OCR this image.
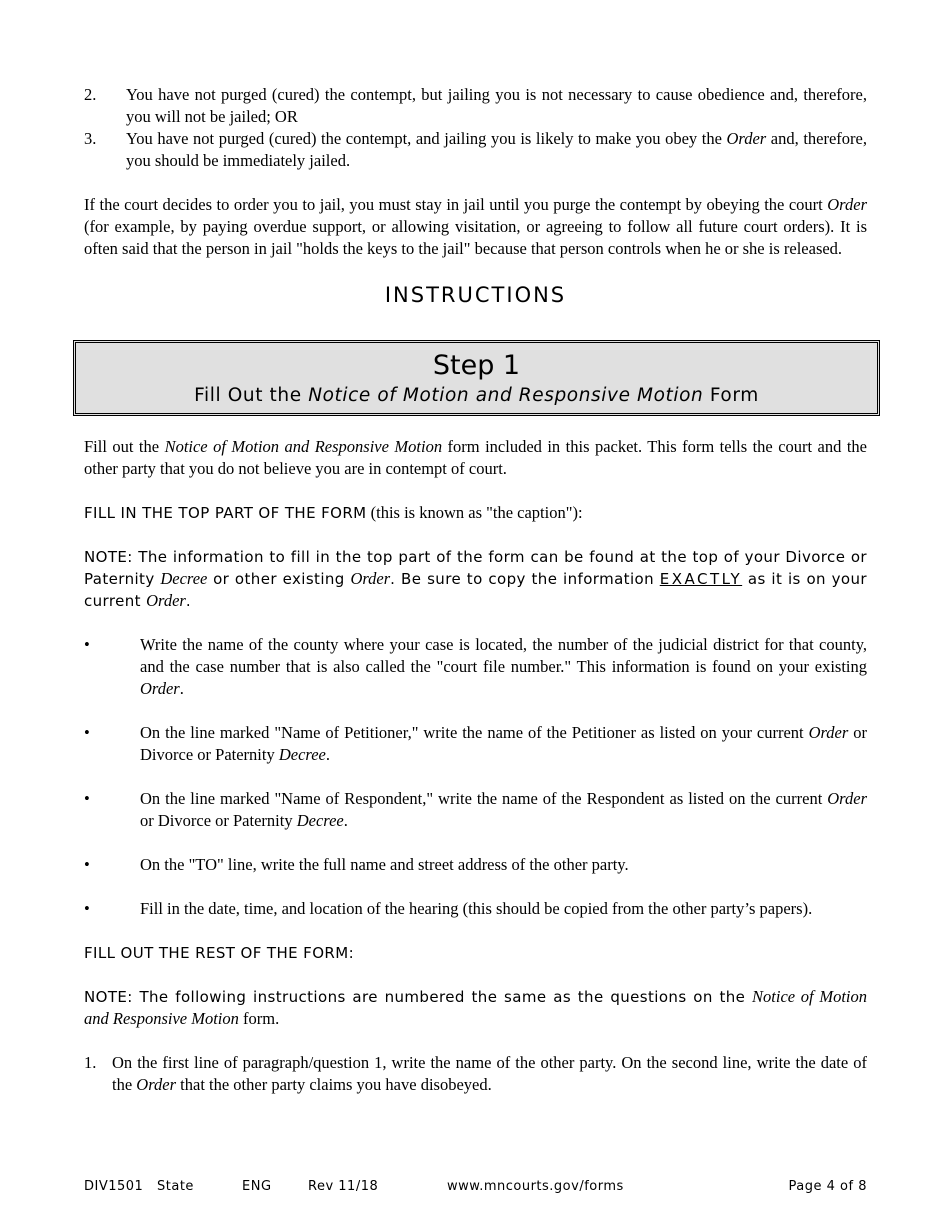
2.	You have not purged (cured) the contempt, but jailing you is not necessary to cause obedience and, therefore, you will not be jailed; OR
3.	You have not purged (cured) the contempt, and jailing you is likely to make you obey the Order and, therefore, you should be immediately jailed.

If the court decides to order you to jail, you must stay in jail until you purge the contempt by obeying the court Order (for example, by paying overdue support, or allowing visitation, or agreeing to follow all future court orders). It is often said that the person in jail "holds the keys to the jail" because that person controls when he or she is released.

INSTRUCTIONS
Step 1
Fill Out the Notice of Motion and Responsive Motion Form

Fill out the Notice of Motion and Responsive Motion form included in this packet. This form tells the court and the other party that you do not believe you are in contempt of court.

FILL IN THE TOP PART OF THE FORM (this is known as "the caption"):

NOTE: The information to fill in the top part of the form can be found at the top of your Divorce or Paternity Decree or other existing Order. Be sure to copy the information EXACTLY as it is on your current Order.

•	Write the name of the county where your case is located, the number of the judicial district for that county, and the case number that is also called the "court file number." This information is found on your existing Order.
•	On the line marked "Name of Petitioner," write the name of the Petitioner as listed on your current Order or Divorce or Paternity Decree.
•	On the line marked "Name of Respondent," write the name of the Respondent as listed on the current Order or Divorce or Paternity Decree.
•	On the "TO" line, write the full name and street address of the other party.
•	Fill in the date, time, and location of the hearing (this should be copied from the other party’s papers).

FILL OUT THE REST OF THE FORM:

NOTE: The following instructions are numbered the same as the questions on the Notice of Motion and Responsive Motion form.

1. On the first line of paragraph/question 1, write the name of the other party. On the second line, write the date of the Order that the other party claims you have disobeyed.
DIV1501 State	ENG	Rev 11/18	www.mncourts.gov/forms	Page 4 of 8
